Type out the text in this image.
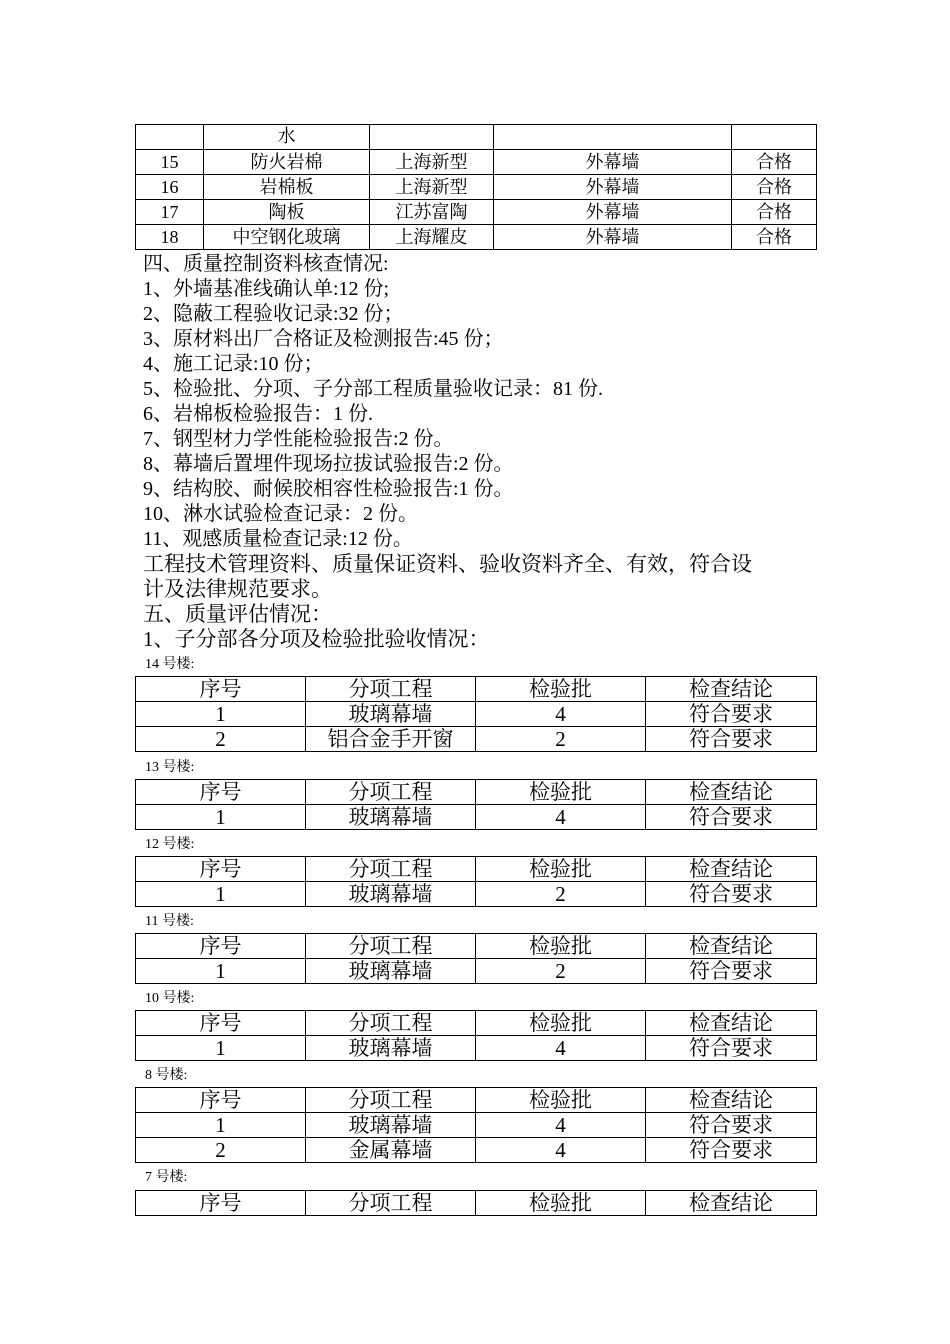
	水			
15	防火岩棉	上海新型	外幕墙	合格
16	岩棉板	上海新型	外幕墙	合格
17	陶板	江苏富陶	外幕墙	合格
18	中空钢化玻璃	上海耀皮	外幕墙	合格
四、质量控制资料核查情况:
1、外墙基准线确认单:12 份;
2、隐蔽工程验收记录:32 份；
3、原材料出厂合格证及检测报告:45 份；
4、施工记录:10 份；
5、检验批、分项、子分部工程质量验收记录：81 份.
6、岩棉板检验报告：1 份.
7、钢型材力学性能检验报告:2 份。
8、幕墙后置埋件现场拉拔试验报告:2 份。
9、结构胶、耐候胶相容性检验报告:1 份。
10、淋水试验检查记录：2 份。
11、观感质量检查记录:12 份。
工程技术管理资料、质量保证资料、验收资料齐全、有效，符合设
计及法律规范要求。
五、质量评估情况：
1、子分部各分项及检验批验收情况：
14 号楼:
序号	分项工程	检验批	检查结论
1	玻璃幕墙	4	符合要求
2	铝合金手开窗	2	符合要求
13 号楼:
序号	分项工程	检验批	检查结论
1	玻璃幕墙	4	符合要求
12 号楼:
序号	分项工程	检验批	检查结论
1	玻璃幕墙	2	符合要求
11 号楼:
序号	分项工程	检验批	检查结论
1	玻璃幕墙	2	符合要求
10 号楼:
序号	分项工程	检验批	检查结论
1	玻璃幕墙	4	符合要求
8 号楼:
序号	分项工程	检验批	检查结论
1	玻璃幕墙	4	符合要求
2	金属幕墙	4	符合要求
7 号楼:
序号	分项工程	检验批	检查结论
